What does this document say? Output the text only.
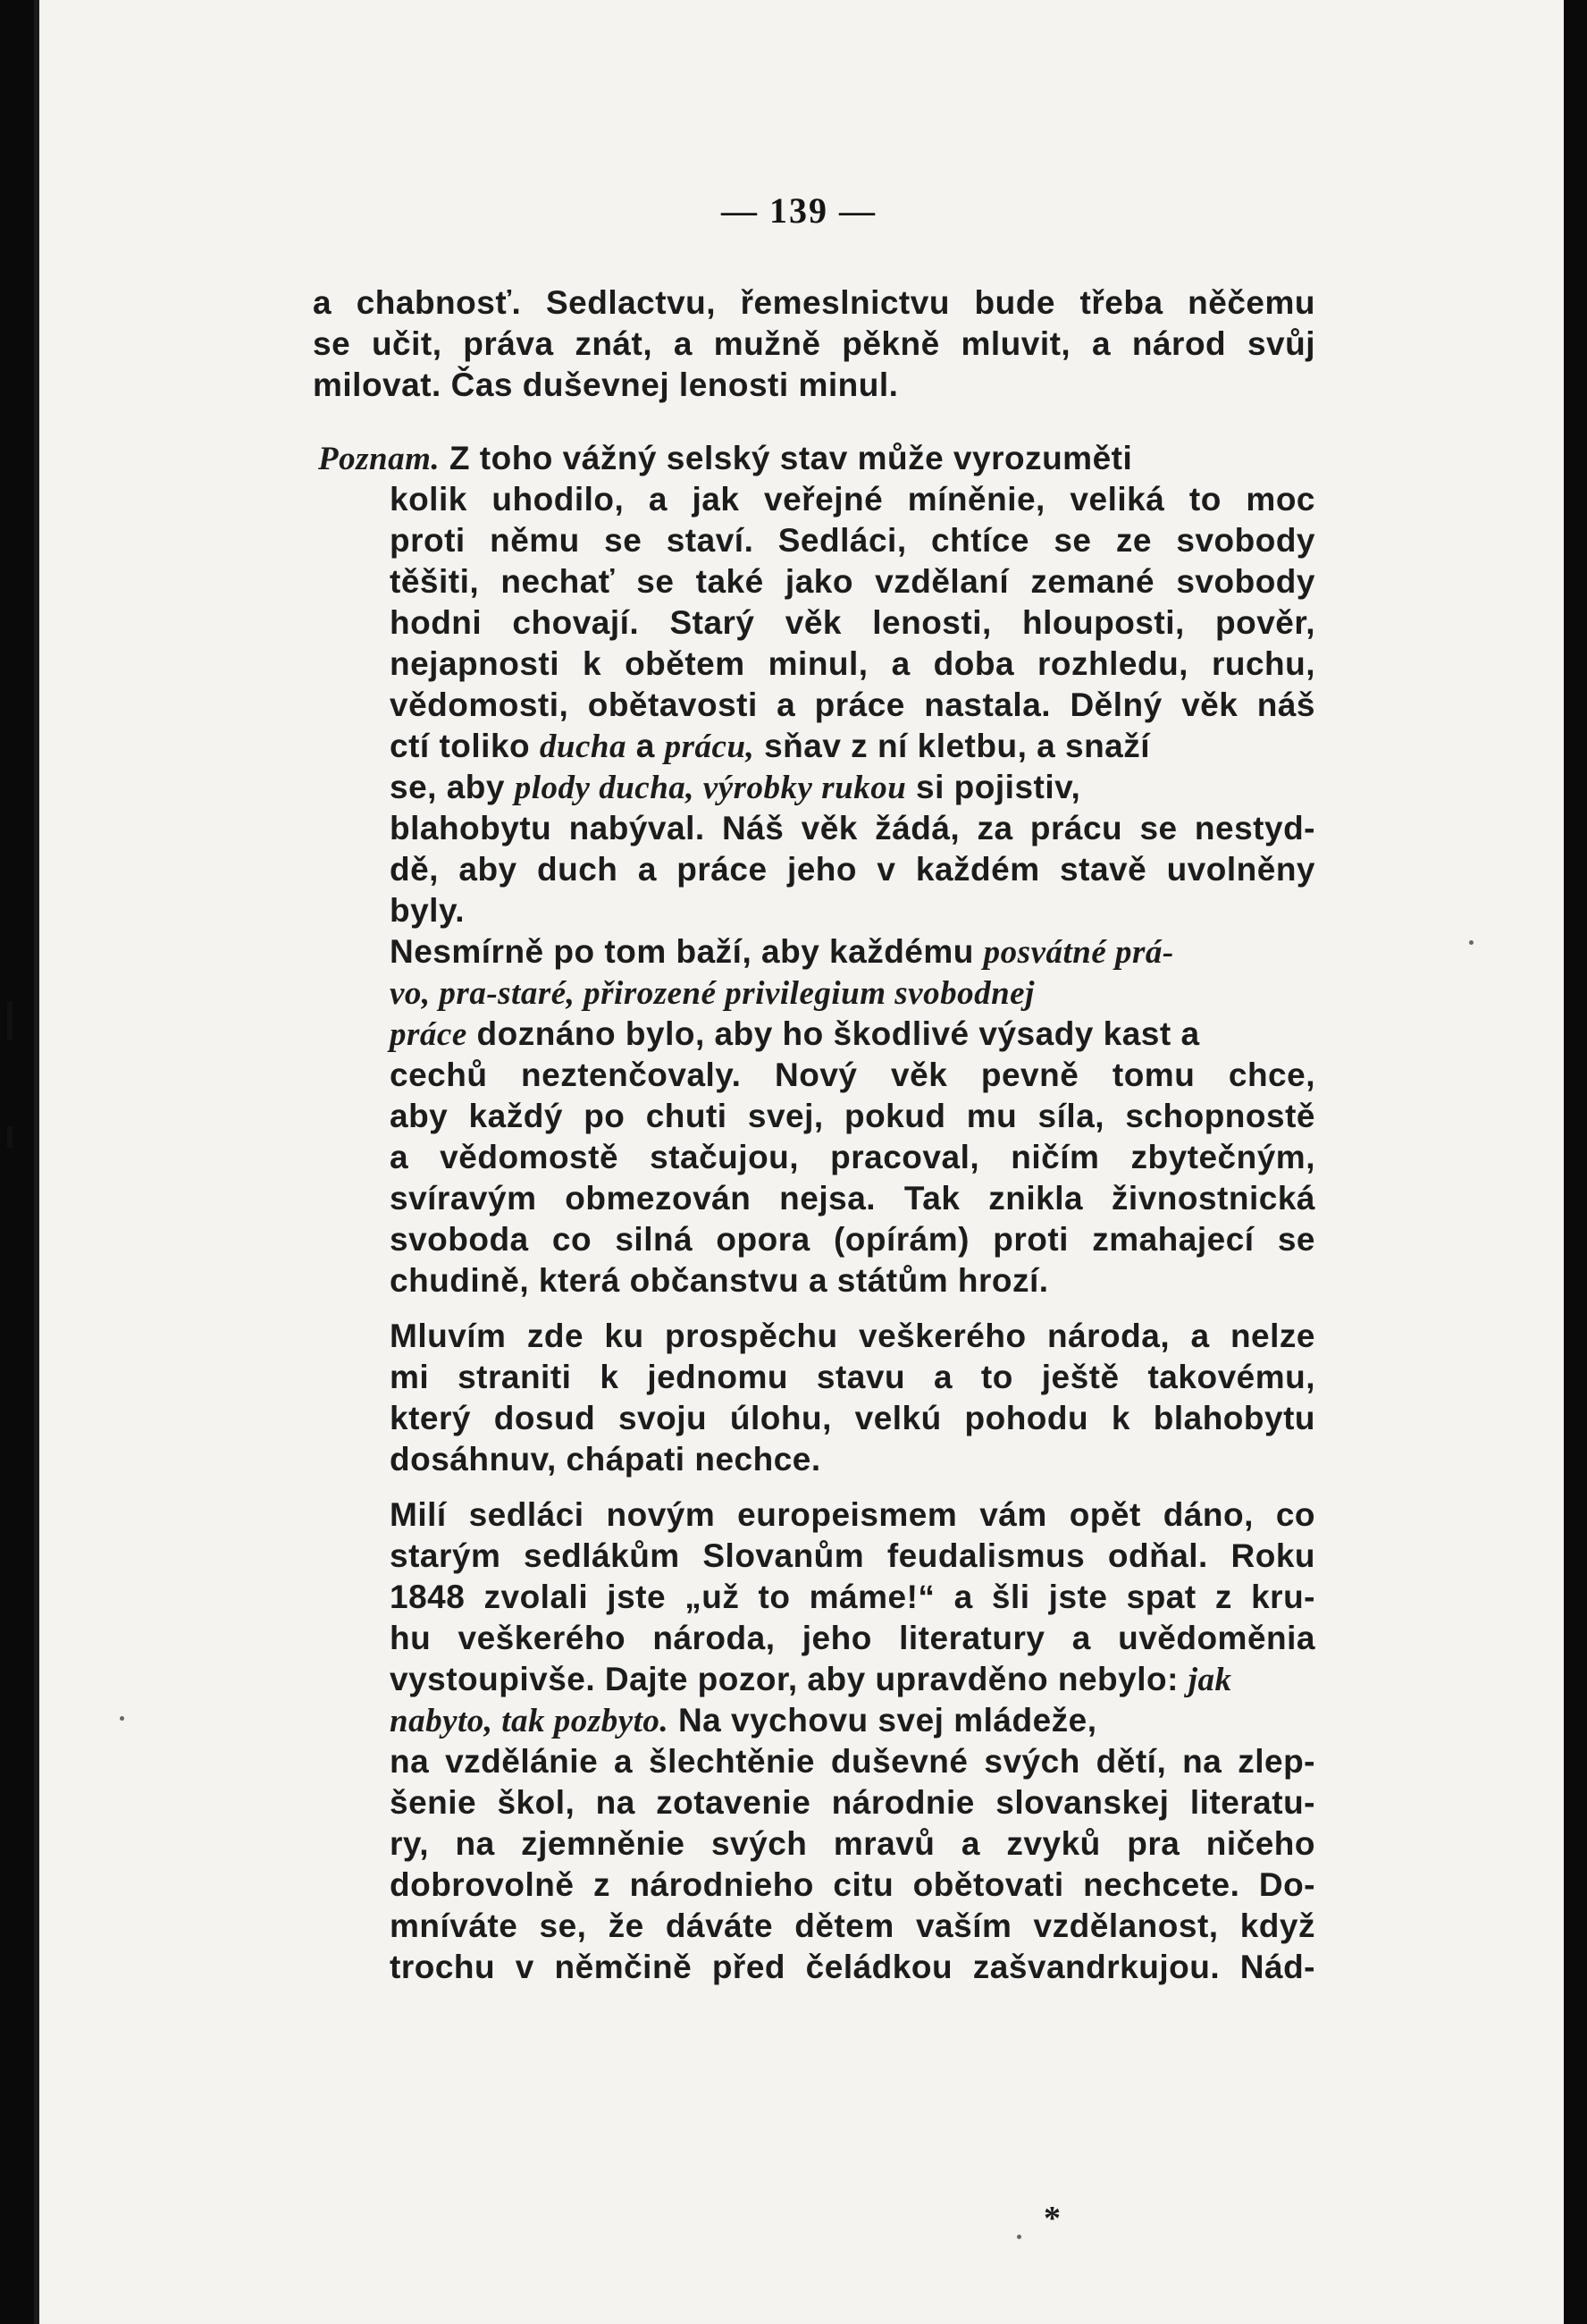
— 139 —
a chabnosť. Sedlactvu, řemeslnictvu bude třeba něčemu
se učit, práva znát, a mužně pěkně mluvit, a národ svůj
milovat. Čas duševnej lenosti minul.
Poznam. Z toho vážný selský stav může vyrozuměti
kolik uhodilo, a jak veřejné míněnie, veliká to moc
proti němu se staví. Sedláci, chtíce se ze svobody
těšiti, nechať se také jako vzdělaní zemané svobody
hodni chovají. Starý věk lenosti, hlouposti, pověr,
nejapnosti k obětem minul, a doba rozhledu, ruchu,
vědomosti, obětavosti a práce nastala. Dělný věk náš
ctí toliko ducha a prácu, sňav z ní kletbu, a snaží
se, aby plody ducha, výrobky rukou si pojistiv,
blahobytu nabýval. Náš věk žádá, za prácu se nestyd-
dě, aby duch a práce jeho v každém stavě uvolněny
byly.
Nesmírně po tom baží, aby každému posvátné prá-
vo, pra-staré, přirozené privilegium svobodnej
práce doznáno bylo, aby ho škodlivé výsady kast a
cechů neztenčovaly. Nový věk pevně tomu chce,
aby každý po chuti svej, pokud mu síla, schopnostě
a vědomostě stačujou, pracoval, ničím zbytečným,
svíravým obmezován nejsa. Tak znikla živnostnická
svoboda co silná opora (opírám) proti zmahajecí se
chudině, která občanstvu a státům hrozí.
Mluvím zde ku prospěchu veškerého národa, a nelze
mi straniti k jednomu stavu a to ještě takovému,
který dosud svoju úlohu, velkú pohodu k blahobytu
dosáhnuv, chápati nechce.
Milí sedláci novým europeismem vám opět dáno, co
starým sedlákům Slovanům feudalismus odňal. Roku
1848 zvolali jste „už to máme!“ a šli jste spat z kru-
hu veškerého národa, jeho literatury a uvědoměnia
vystoupivše. Dajte pozor, aby upravděno nebylo: jak
nabyto, tak pozbyto. Na vychovu svej mládeže,
na vzdělánie a šlechtěnie duševné svých dětí, na zlep-
šenie škol, na zotavenie národnie slovanskej literatu-
ry, na zjemněnie svých mravů a zvyků pra ničeho
dobrovolně z národnieho citu obětovati nechcete. Do-
mníváte se, že dáváte dětem vaším vzdělanost, když
trochu v němčině před čeládkou zašvandrkujou. Nád-
*
